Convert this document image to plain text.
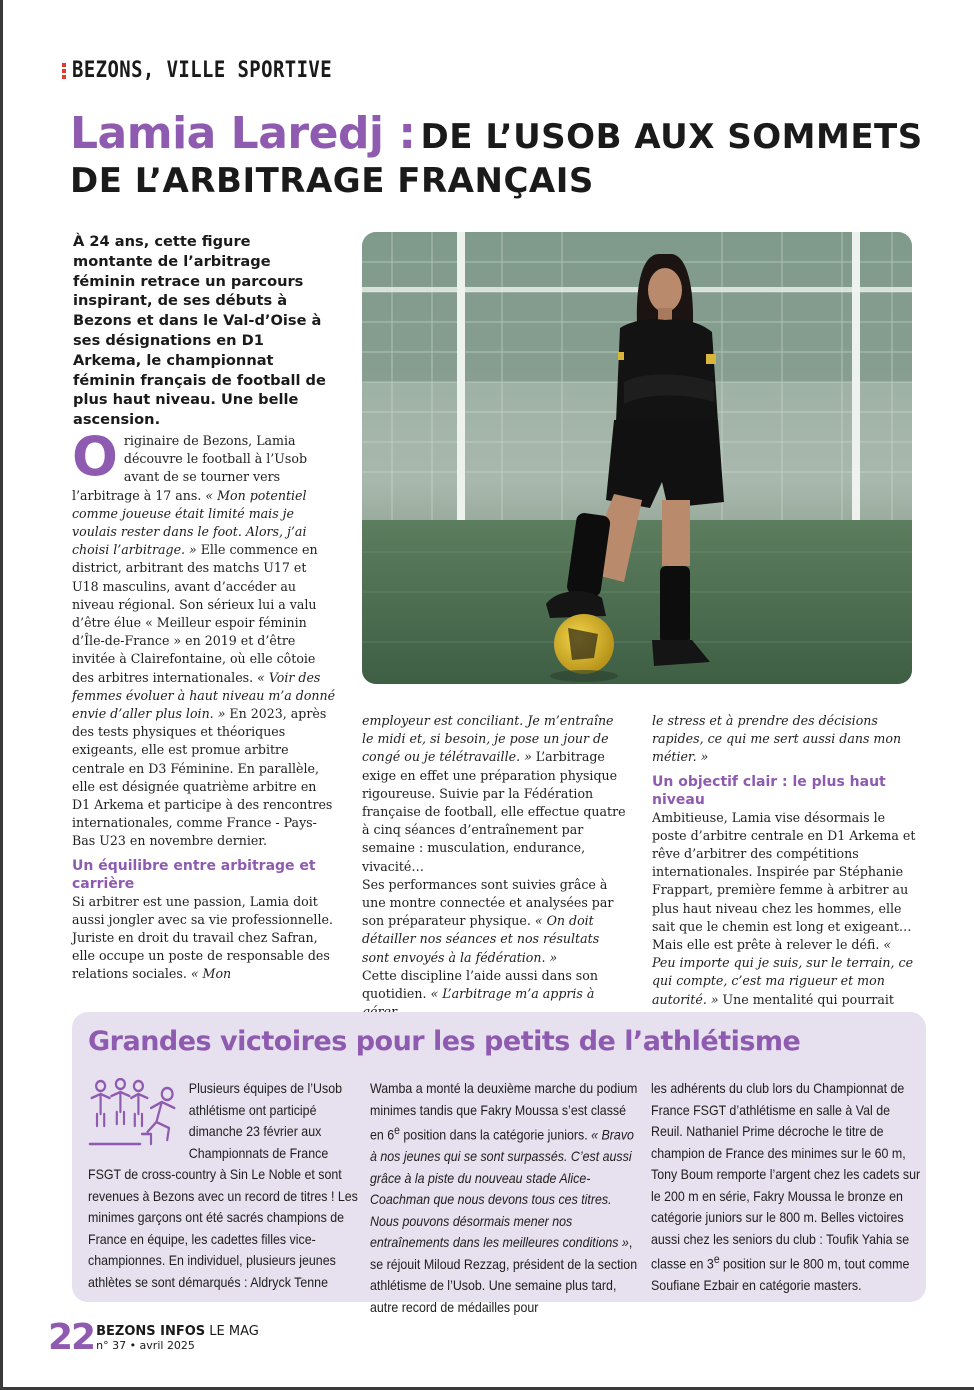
BEZONS, VILLE SPORTIVE
Lamia Laredj : DE L’USOB AUX SOMMETS
DE L’ARBITRAGE FRANÇAIS

À 24 ans, cette figure montante de l’arbitrage féminin retrace un parcours inspirant, de ses débuts à Bezons et dans le Val-d’Oise à ses désignations en D1 Arkema, le championnat féminin français de football de plus haut niveau. Une belle ascension.

Originaire de Bezons, Lamia découvre le football à l’Usob avant de se tourner vers l’arbitrage à 17 ans. « Mon potentiel comme joueuse était limité mais je voulais rester dans le foot. Alors, j’ai choisi l’arbitrage. » Elle commence en district, arbitrant des matchs U17 et U18 masculins, avant d’accéder au niveau régional. Son sérieux lui a valu d’être élue « Meilleur espoir féminin d’Île-de-France » en 2019 et d’être invitée à Clairefontaine, où elle côtoie des arbitres internationales. « Voir des femmes évoluer à haut niveau m’a donné envie d’aller plus loin. » En 2023, après des tests physiques et théoriques exigeants, elle est promue arbitre centrale en D3 Féminine. En parallèle, elle est désignée quatrième arbitre en D1 Arkema et participe à des rencontres internationales, comme France - Pays-Bas U23 en novembre dernier.

Un équilibre entre arbitrage et carrière

Si arbitrer est une passion, Lamia doit aussi jongler avec sa vie professionnelle. Juriste en droit du travail chez Safran, elle occupe un poste de responsable des relations sociales. « Mon

employeur est conciliant. Je m’entraîne le midi et, si besoin, je pose un jour de congé ou je télétravaille. » L’arbitrage exige en effet une préparation physique rigoureuse. Suivie par la Fédération française de football, elle effectue quatre à cinq séances d’entraînement par semaine : musculation, endurance, vivacité…

Ses performances sont suivies grâce à une montre connectée et analysées par son préparateur physique. « On doit détailler nos séances et nos résultats sont envoyés à la fédération. »

Cette discipline l’aide aussi dans son quotidien. « L’arbitrage m’a appris à

le stress et à prendre des décisions rapides, ce qui me sert aussi dans mon métier. »

Un objectif clair : le plus haut niveau

Ambitieuse, Lamia vise désormais le poste d’arbitre centrale en D1 Arkema et rêve d’arbitrer des compétitions internationales. Inspirée par Stéphanie Frappart, première femme à arbitrer au plus haut niveau chez les hommes, elle sait que le chemin est long et exigeant… Mais elle est prête à relever le défi. « Peu importe qui je suis, sur le terrain, ce qui compte, c’est ma rigueur et mon autorité. » Une mentalité qui pourrait

Grandes victoires pour les petits de l’athlétisme

Plusieurs équipes de l’Usob athlétisme ont participé dimanche 23 février aux Championnats de France FSGT de cross-country à Sin Le Noble et sont revenues à Bezons avec un record de titres ! Les minimes garçons ont été sacrés champions de France en équipe, les cadettes filles vice-championnes. En individuel, plusieurs jeunes athlètes se sont démarqués : Aldryck Tenne

Wamba a monté la deuxième marche du podium minimes tandis que Fakry Moussa s’est classé en 6e position dans la catégorie juniors. « Bravo à nos jeunes qui se sont surpassés. C’est aussi grâce à la piste du nouveau stade Alice-Coachman que nous devons tous ces titres. Nous pouvons désormais mener nos entraînements dans les meilleures conditions », se réjouit Miloud Rezzag, président de la section athlétisme de l’Usob. Une semaine plus tard, autre record de médailles pour

les adhérents du club lors du Championnat de France FSGT d’athlétisme en salle à Val de Reuil. Nathaniel Prime décroche le titre de champion de France des minimes sur le 60 m, Tony Boum remporte l’argent chez les cadets sur le 200 m en série, Fakry Moussa le bronze en catégorie juniors sur le 800 m. Belles victoires aussi chez les seniors du club : Toufik Yahia se classe en 3e position sur le 800 m, tout comme Soufiane Ezbair en catégorie masters.

22 BEZONS INFOS LE MAG
n° 37 • avril 2025
